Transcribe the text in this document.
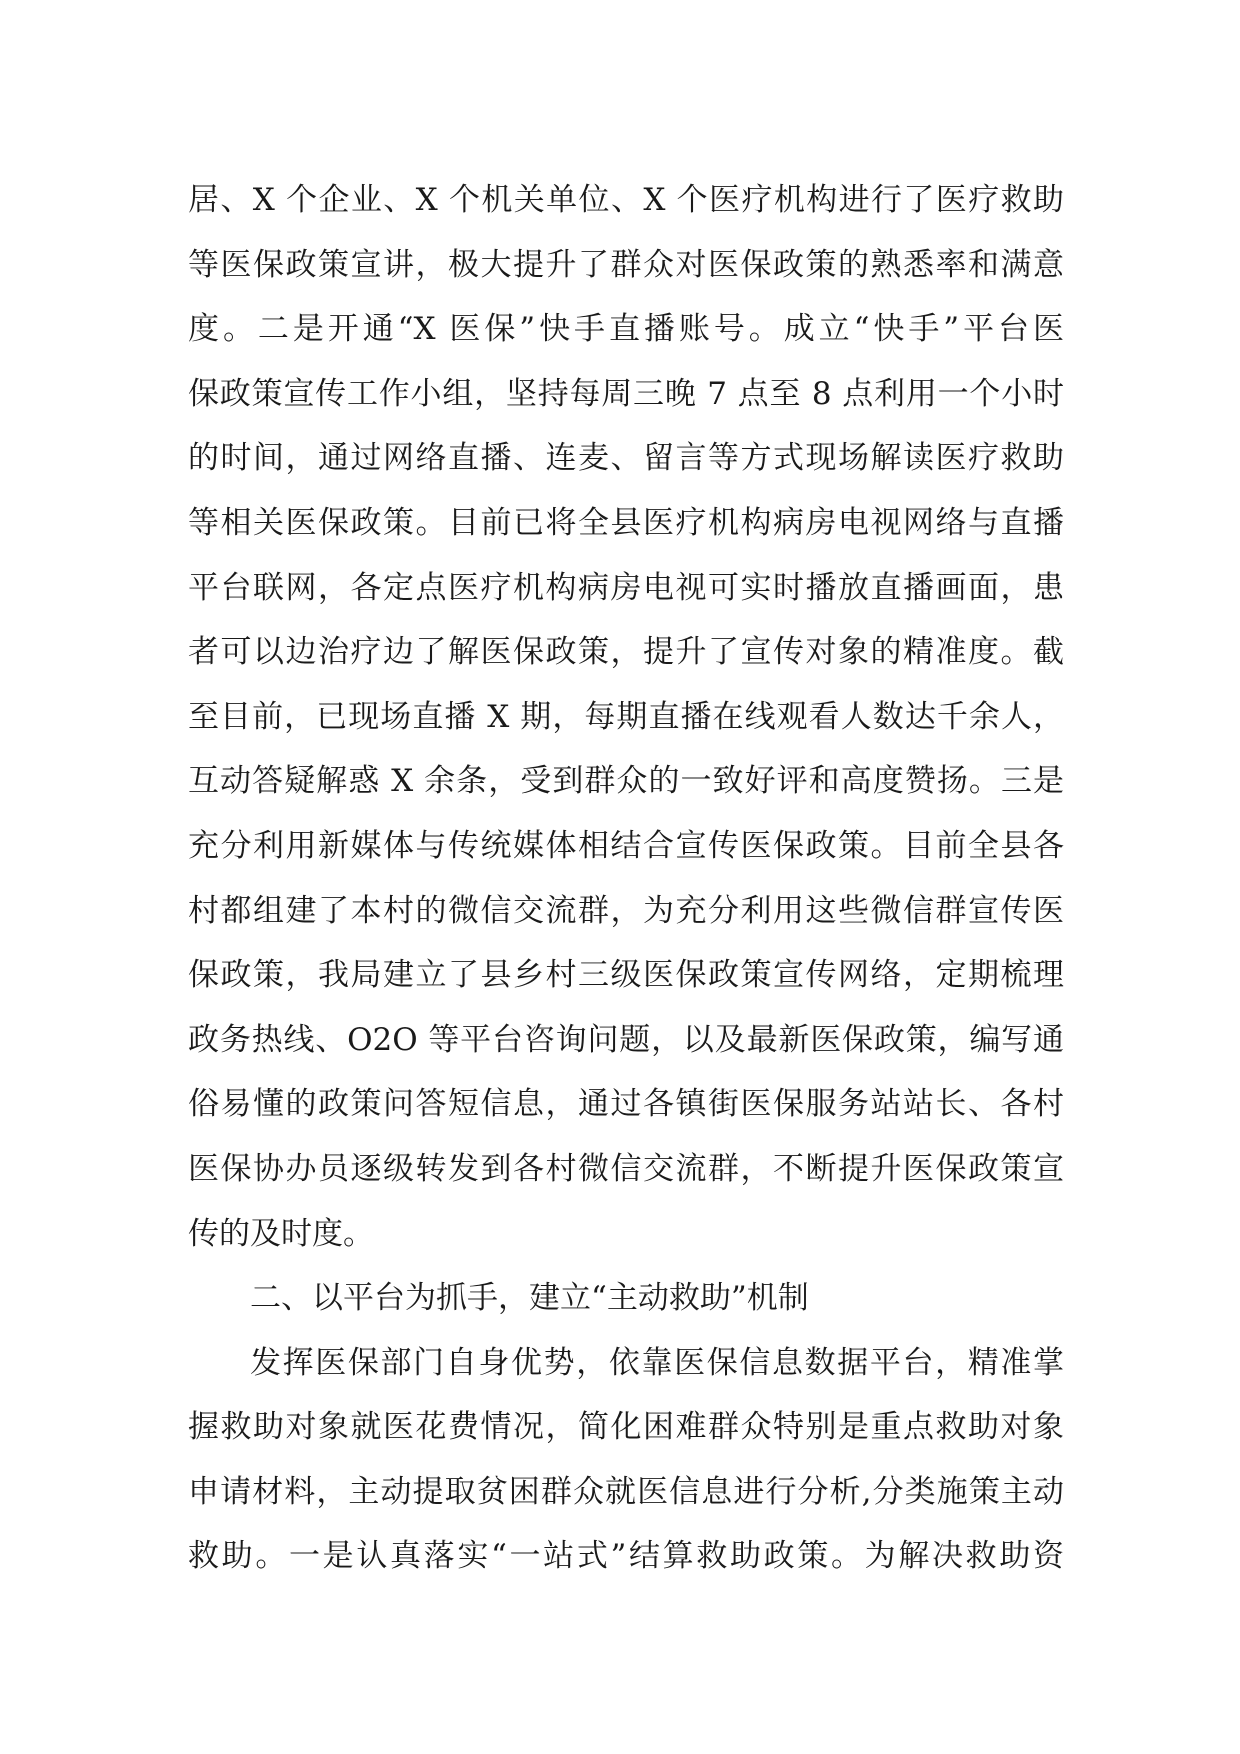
居、X 个企业、X 个机关单位、X 个医疗机构进行了医疗救助
等医保政策宣讲，极大提升了群众对医保政策的熟悉率和满意
度。二是开通“X 医保”快手直播账号。成立“快手”平台医
保政策宣传工作小组，坚持每周三晚 7 点至 8 点利用一个小时
的时间，通过网络直播、连麦、留言等方式现场解读医疗救助
等相关医保政策。目前已将全县医疗机构病房电视网络与直播
平台联网，各定点医疗机构病房电视可实时播放直播画面，患
者可以边治疗边了解医保政策，提升了宣传对象的精准度。截
至目前，已现场直播 X 期，每期直播在线观看人数达千余人，
互动答疑解惑 X 余条，受到群众的一致好评和高度赞扬。三是
充分利用新媒体与传统媒体相结合宣传医保政策。目前全县各
村都组建了本村的微信交流群，为充分利用这些微信群宣传医
保政策，我局建立了县乡村三级医保政策宣传网络，定期梳理
政务热线、O2O 等平台咨询问题，以及最新医保政策，编写通
俗易懂的政策问答短信息，通过各镇街医保服务站站长、各村
医保协办员逐级转发到各村微信交流群，不断提升医保政策宣
传的及时度。
二、以平台为抓手，建立“主动救助”机制
发挥医保部门自身优势，依靠医保信息数据平台，精准掌
握救助对象就医花费情况，简化困难群众特别是重点救助对象
申请材料，主动提取贫困群众就医信息进行分析,分类施策主动
救助。一是认真落实“一站式”结算救助政策。为解决救助资
